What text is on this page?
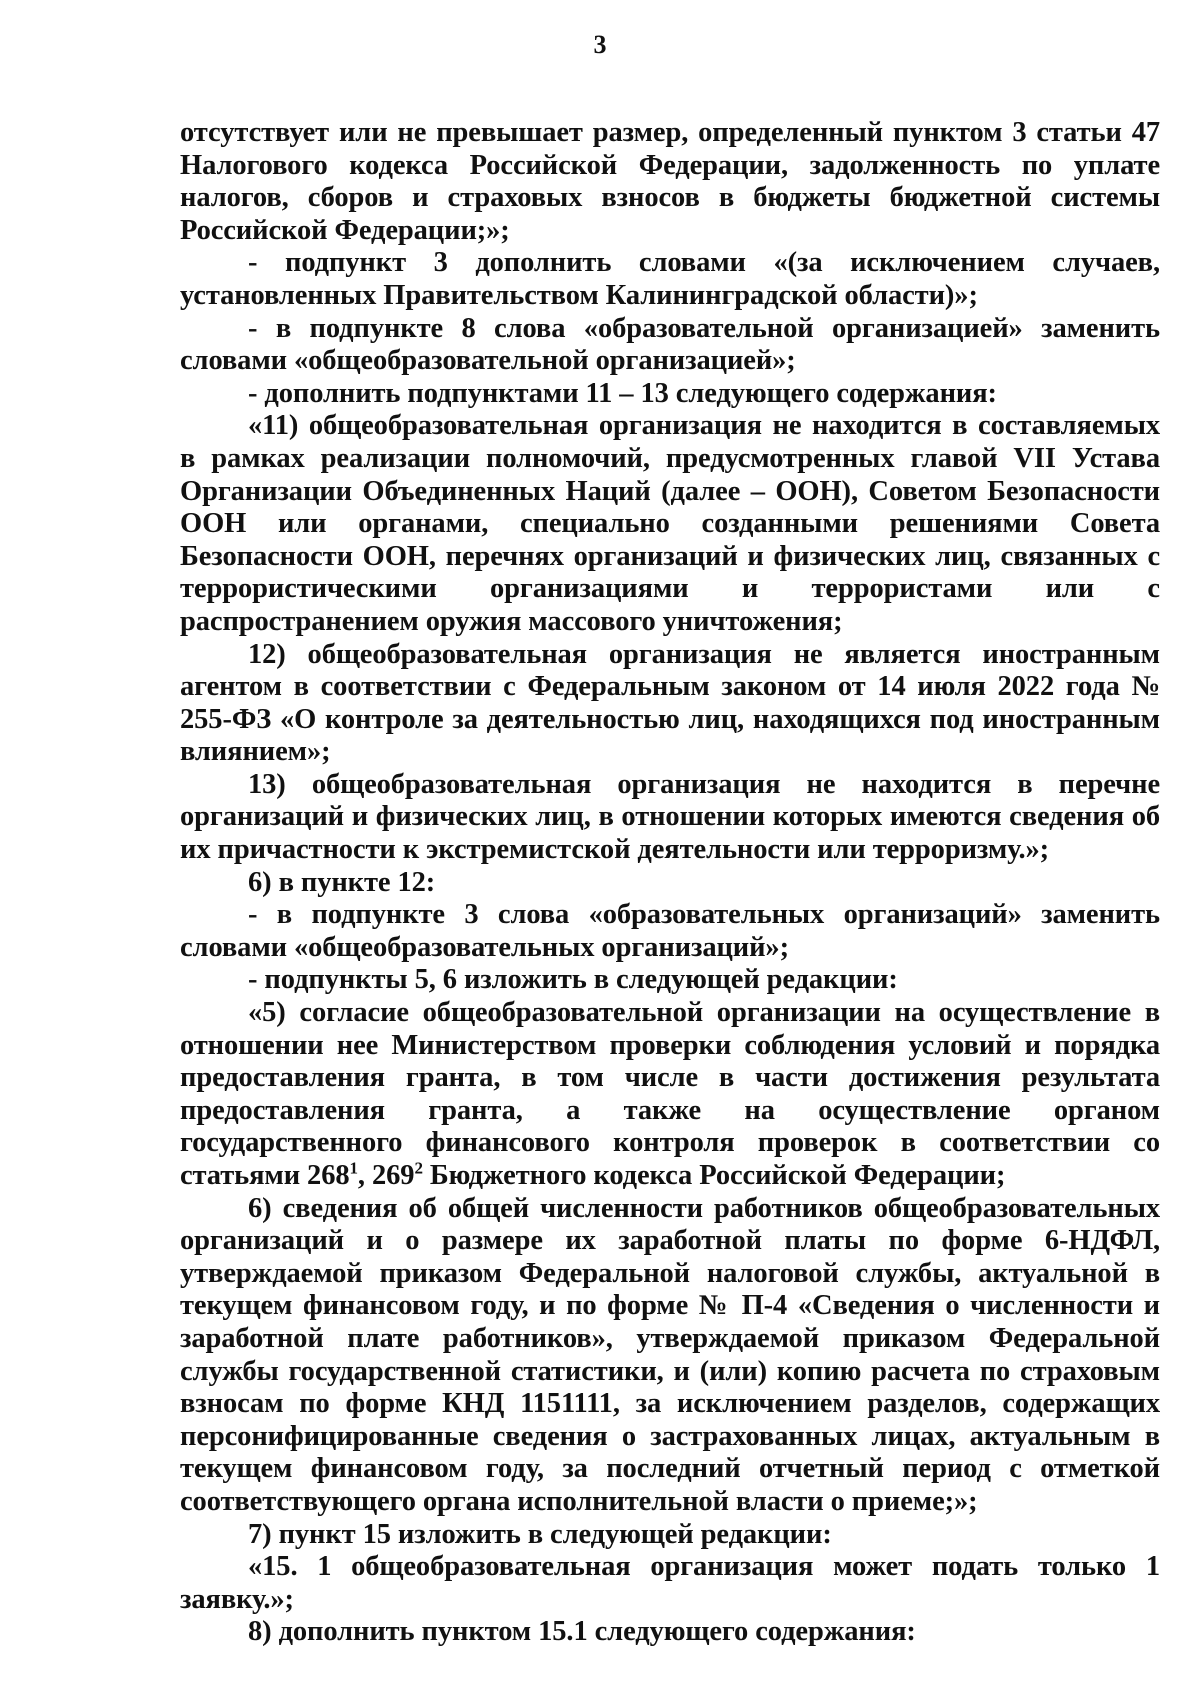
3

отсутствует или не превышает размер, определенный пунктом 3 статьи 47 Налогового кодекса Российской Федерации, задолженность по уплате налогов, сборов и страховых взносов в бюджеты бюджетной системы Российской Федерации;»;

- подпункт 3 дополнить словами «(за исключением случаев, установленных Правительством Калининградской области)»;

- в подпункте 8 слова «образовательной организацией» заменить словами «общеобразовательной организацией»;

- дополнить подпунктами 11 – 13 следующего содержания:

«11) общеобразовательная организация не находится в составляемых в рамках реализации полномочий, предусмотренных главой VII Устава Организации Объединенных Наций (далее – ООН), Советом Безопасности ООН или органами, специально созданными решениями Совета Безопасности ООН, перечнях организаций и физических лиц, связанных с террористическими организациями и террористами или с распространением оружия массового уничтожения;

12) общеобразовательная организация не является иностранным агентом в соответствии с Федеральным законом от 14 июля 2022 года № 255-ФЗ «О контроле за деятельностью лиц, находящихся под иностранным влиянием»;

13) общеобразовательная организация не находится в перечне организаций и физических лиц, в отношении которых имеются сведения об их причастности к экстремистской деятельности или терроризму.»;

6) в пункте 12:

- в подпункте 3 слова «образовательных организаций» заменить словами «общеобразовательных организаций»;

- подпункты 5, 6 изложить в следующей редакции:

«5) согласие общеобразовательной организации на осуществление в отношении нее Министерством проверки соблюдения условий и порядка предоставления гранта, в том числе в части достижения результата предоставления гранта, а также на осуществление органом государственного финансового контроля проверок в соответствии со статьями $268^1$, $269^2$ Бюджетного кодекса Российской Федерации;

6) сведения об общей численности работников общеобразовательных организаций и о размере их заработной платы по форме 6-НДФЛ, утверждаемой приказом Федеральной налоговой службы, актуальной в текущем финансовом году, и по форме № П-4 «Сведения о численности и заработной плате работников», утверждаемой приказом Федеральной службы государственной статистики, и (или) копию расчета по страховым взносам по форме КНД 1151111, за исключением разделов, содержащих персонифицированные сведения о застрахованных лицах, актуальным в текущем финансовом году, за последний отчетный период с отметкой соответствующего органа исполнительной власти о приеме;»;

7) пункт 15 изложить в следующей редакции:

«15. 1 общеобразовательная организация может подать только 1 заявку.»;

8) дополнить пунктом 15.1 следующего содержания:
